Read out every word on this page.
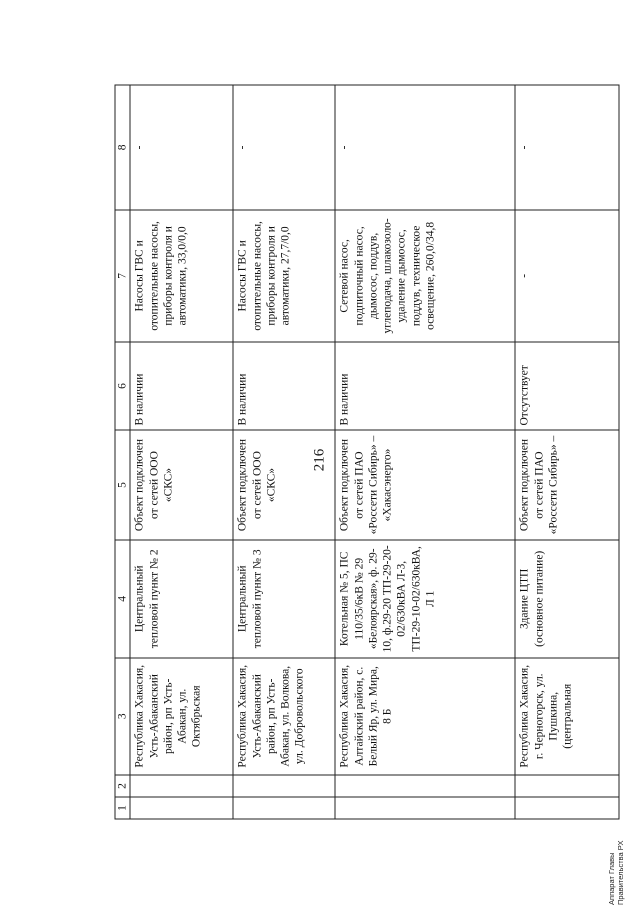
216
1	2	3	4	5	6	7	8
		Республика Хакасия, Усть-Абаканский район, рп Усть-Абакан, ул. Октябрьская	Центральный тепловой пункт № 2	Объект подключен от сетей ООО «СКС»	В наличии	Насосы ГВС и отопительные насосы, приборы контроля и автоматики, 33,0/0,0	-
		Республика Хакасия, Усть-Абаканский район, рп Усть-Абакан, ул. Волкова, ул. Добровольского	Центральный тепловой пункт № 3	Объект подключен от сетей ООО «СКС»	В наличии	Насосы ГВС и отопительные насосы, приборы контроля и автоматики, 27,7/0,0	-
		Республика Хакасия, Алтайский район, с. Белый Яр, ул. Мира, 8 Б	Котельная № 5, ПС 110/35/6кВ № 29 «Белоярская», ф. 29-10, ф.29-20 ТП-29-20-02/630кВА Л-3, ТП-29-10-02/630кВА, Л 1	Объект подключен от сетей ПАО «Россети Сибирь» – «Хакасэнерго»	В наличии	Сетевой насос, подпиточный насос, дымосос, поддув, углеподача, шлакозоло-удаление дымосос, поддув, техническое освещение, 260,0/34,8	-
		Республика Хакасия, г. Черногорск, ул. Пушкина, (центральная	Здание ЦТП (основное питание)	Объект подключен от сетей ПАО «Россети Сибирь» –	Отсутствует	-	-
Аппарат Главы Правительства РХ
